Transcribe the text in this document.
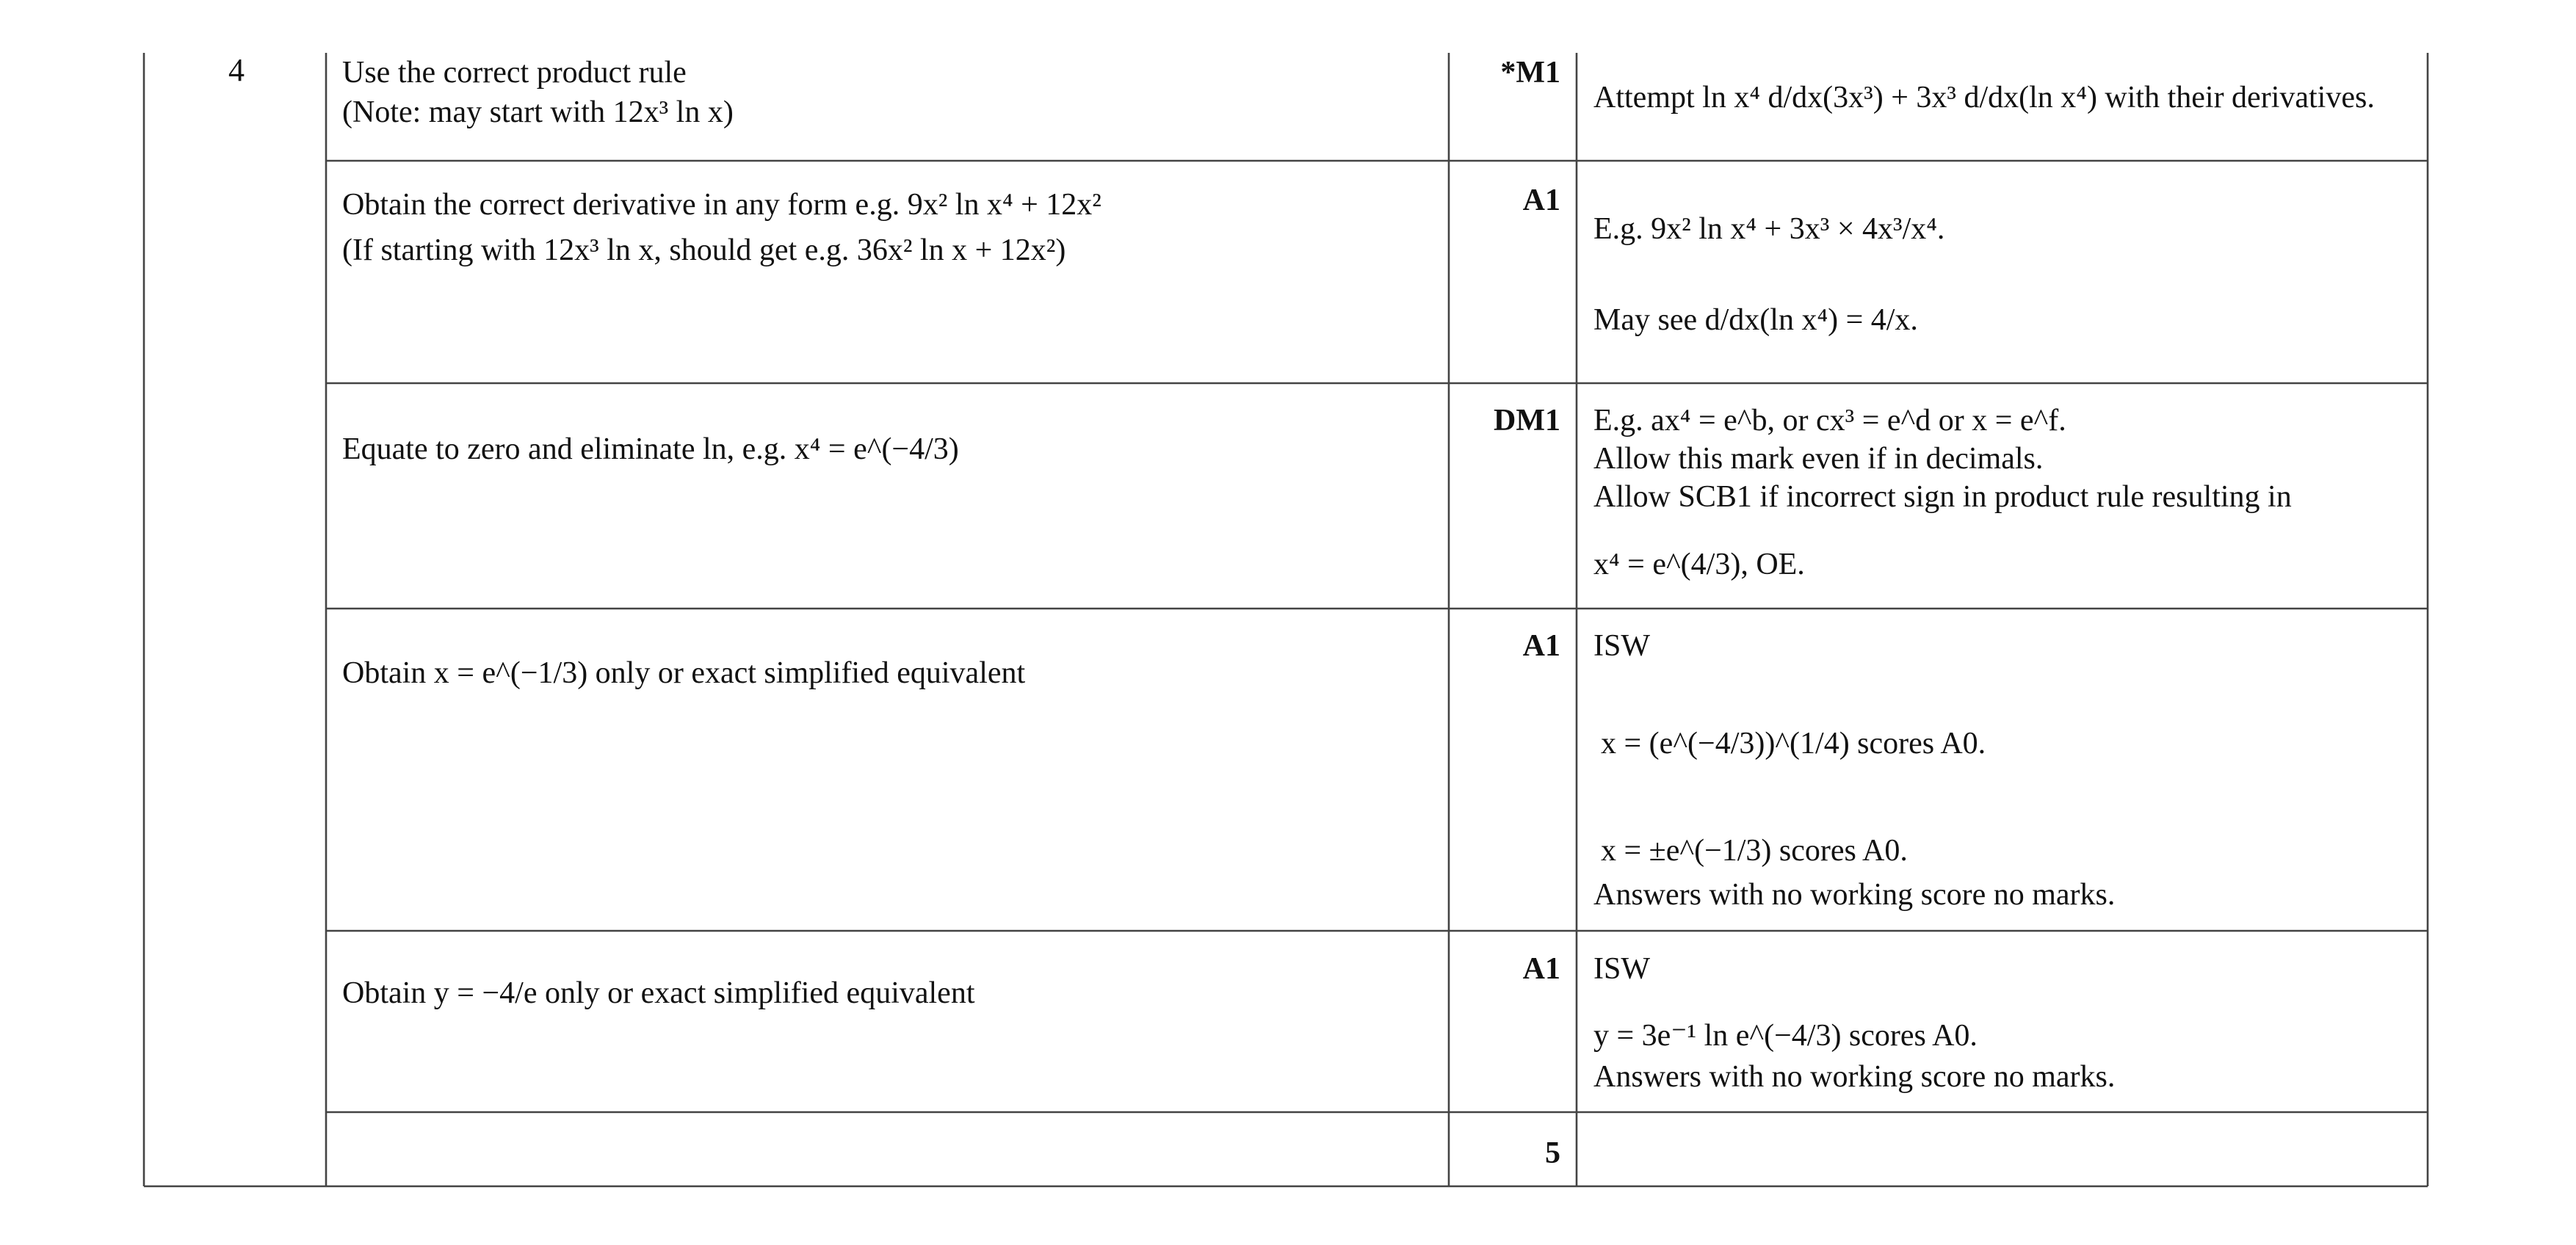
4	Use the correct product rule
(Note: may start with 12x³ ln x)
*M1
Attempt ln x⁴ d/dx(3x³) + 3x³ d/dx(ln x⁴) with their derivatives.
Obtain the correct derivative in any form e.g. 9x² ln x⁴ + 12x²
(If starting with 12x³ ln x, should get e.g. 36x² ln x + 12x²)
A1
E.g. 9x² ln x⁴ + 3x³ × 4x³/x⁴.
May see d/dx(ln x⁴) = 4/x.
Equate to zero and eliminate ln, e.g. x⁴ = e^(−4/3)
DM1 E.g. ax⁴ = e^b, or cx³ = e^d or x = e^f.
Allow this mark even if in decimals.
Allow SCB1 if incorrect sign in product rule resulting in
x⁴ = e^(4/3), OE.
Obtain x = e^(−1/3) only or exact simplified equivalent
A1 ISW
x = (e^(−4/3))^(1/4) scores A0.
x = ±e^(−1/3) scores A0.
Answers with no working score no marks.
Obtain y = −4/e only or exact simplified equivalent
A1 ISW
y = 3e⁻¹ ln e^(−4/3) scores A0.
Answers with no working score no marks.
5
